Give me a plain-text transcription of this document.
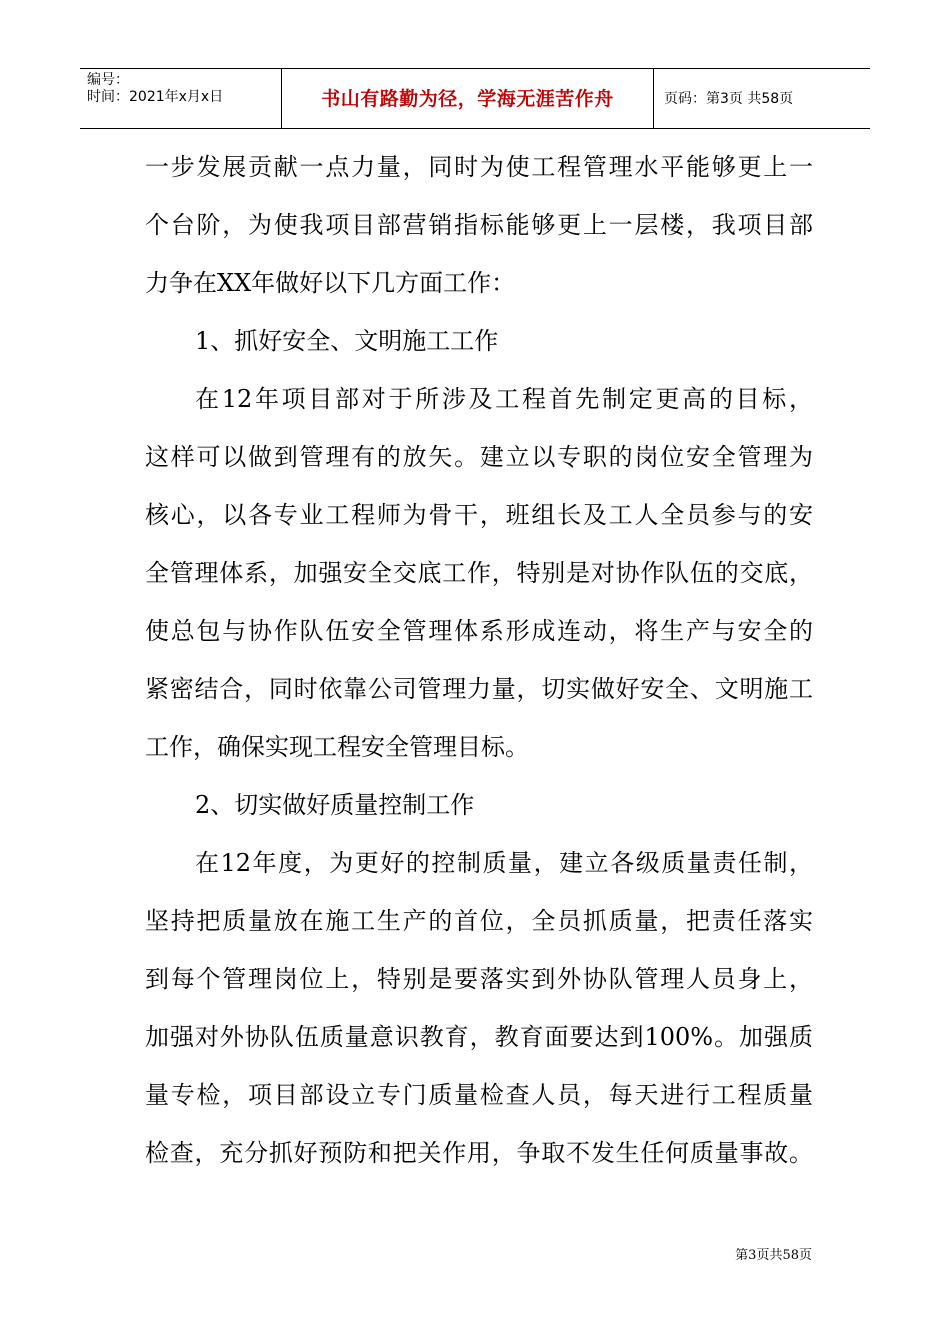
编号：
时间：2021年x月x日	书山有路勤为径，学海无涯苦作舟	页码：第3页 共58页
一步发展贡献一点力量，同时为使工程管理水平能够更上一
个台阶，为使我项目部营销指标能够更上一层楼，我项目部
力争在XX年做好以下几方面工作：
1、抓好安全、文明施工工作
在12年项目部对于所涉及工程首先制定更高的目标，
这样可以做到管理有的放矢。建立以专职的岗位安全管理为
核心，以各专业工程师为骨干，班组长及工人全员参与的安
全管理体系，加强安全交底工作，特别是对协作队伍的交底，
使总包与协作队伍安全管理体系形成连动，将生产与安全的
紧密结合，同时依靠公司管理力量，切实做好安全、文明施工
工作，确保实现工程安全管理目标。
2、切实做好质量控制工作
在12年度，为更好的控制质量，建立各级质量责任制，
坚持把质量放在施工生产的首位，全员抓质量，把责任落实
到每个管理岗位上，特别是要落实到外协队管理人员身上，
加强对外协队伍质量意识教育，教育面要达到100%。加强质
量专检，项目部设立专门质量检查人员，每天进行工程质量
检查，充分抓好预防和把关作用，争取不发生任何质量事故。
第3页共58页
